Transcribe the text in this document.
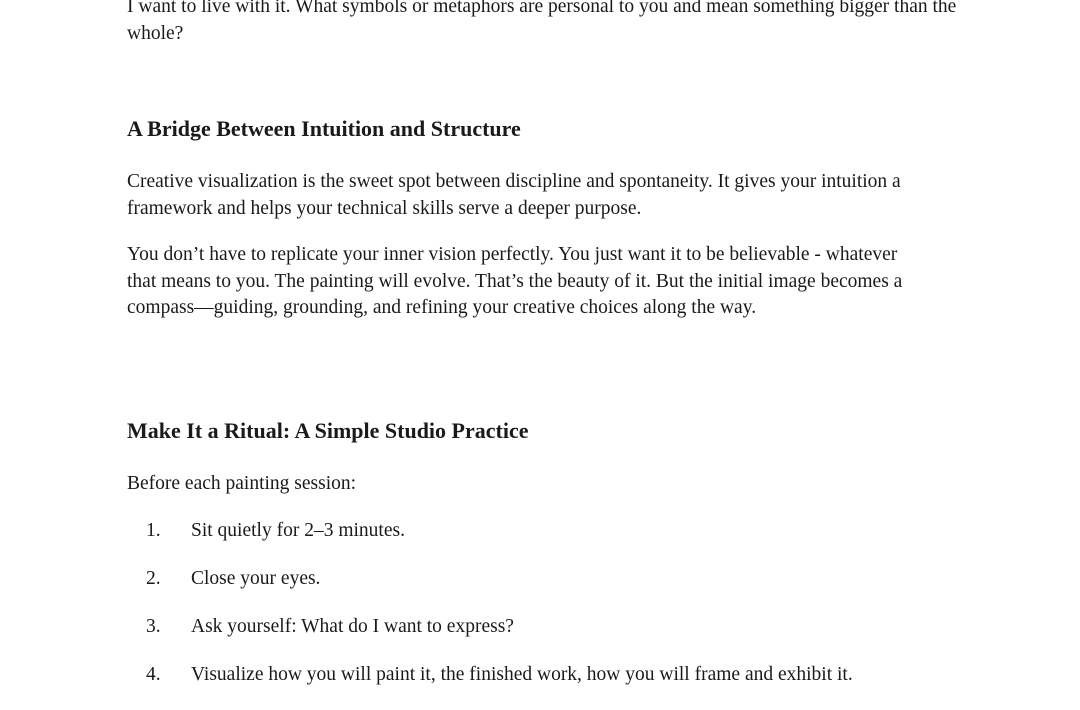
I want to live with it. What symbols or metaphors are personal to you and mean something bigger than the whole?

A Bridge Between Intuition and Structure

Creative visualization is the sweet spot between discipline and spontaneity. It gives your intuition a framework and helps your technical skills serve a deeper purpose.

You don’t have to replicate your inner vision perfectly. You just want it to be believable - whatever that means to you. The painting will evolve. That’s the beauty of it. But the initial image becomes a compass—guiding, grounding, and refining your creative choices along the way.

Make It a Ritual: A Simple Studio Practice

Before each painting session:

1. Sit quietly for 2–3 minutes.
2. Close your eyes.
3. Ask yourself: What do I want to express?
4. Visualize how you will paint it, the finished work, how you will frame and exhibit it.
